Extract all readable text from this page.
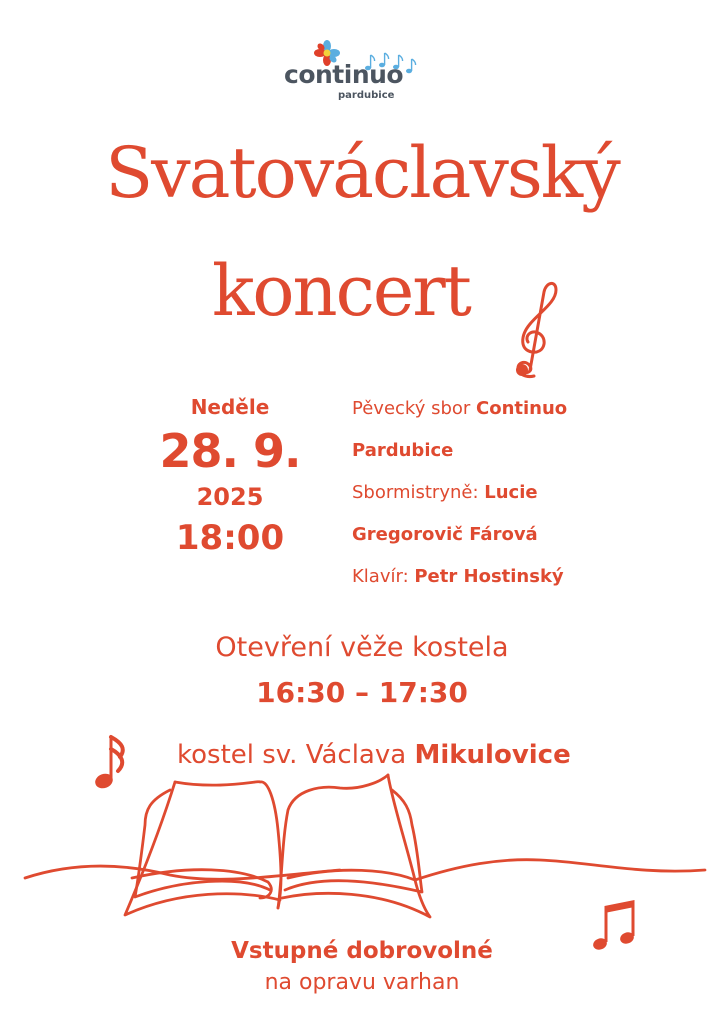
continuo
pardubice
Svatováclavský
koncert
Neděle
28. 9.
2025
18:00
Pěvecký sbor Continuo
Pardubice
Sbormistryně: Lucie
Gregorovič Fárová
Klavír: Petr Hostinský
Otevření věže kostela
16:30 – 17:30
kostel sv. Václava Mikulovice
Vstupné dobrovolné
na opravu varhan
